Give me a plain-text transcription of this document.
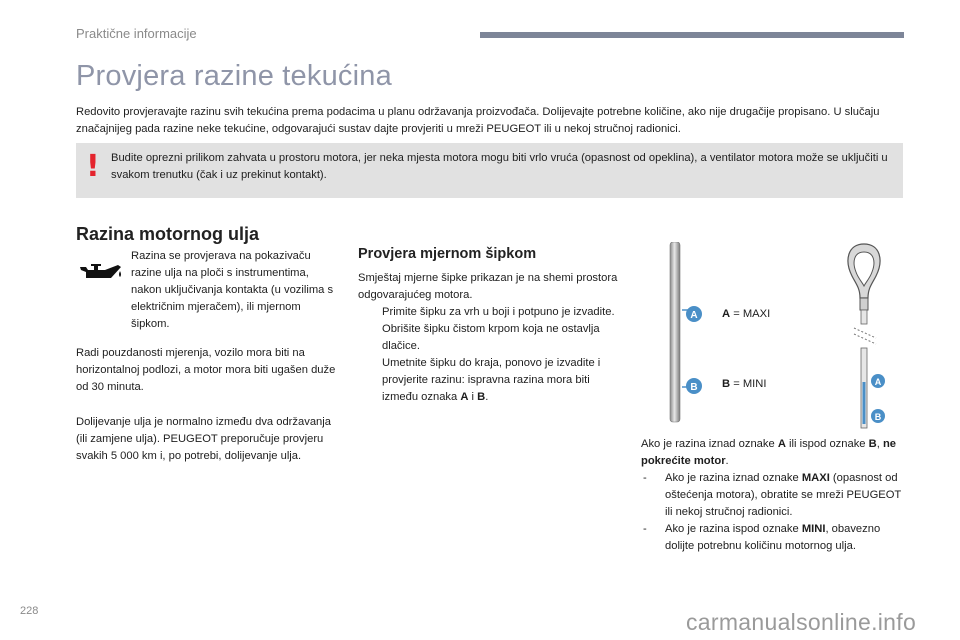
Praktične informacije
Provjera razine tekućina
Redovito provjeravajte razinu svih tekućina prema podacima u planu održavanja proizvođača. Dolijevajte potrebne količine, ako nije drugačije propisano. U slučaju značajnijeg pada razine neke tekućine, odgovarajući sustav dajte provjeriti u mreži PEUGEOT ili u nekoj stručnoj radionici.
! Budite oprezni prilikom zahvata u prostoru motora, jer neka mjesta motora mogu biti vrlo vruća (opasnost od opeklina), a ventilator motora može se uključiti u svakom trenutku (čak i uz prekinut kontakt).
Razina motornog ulja
Razina se provjerava na pokazivaču razine ulja na ploči s instrumentima, nakon uključivanja kontakta (u vozilima s električnim mjeračem), ili mjernom šipkom.
Radi pouzdanosti mjerenja, vozilo mora biti na horizontalnoj podlozi, a motor mora biti ugašen duže od 30 minuta.
Dolijevanje ulja je normalno između dva održavanja (ili zamjene ulja). PEUGEOT preporučuje provjeru svakih 5 000 km i, po potrebi, dolijevanje ulja.
Provjera mjernom šipkom
Smještaj mjerne šipke prikazan je na shemi prostora odgovarajućeg motora.
Primite šipku za vrh u boji i potpuno je izvadite.
Obrišite šipku čistom krpom koja ne ostavlja dlačice.
Umetnite šipku do kraja, ponovo je izvadite i provjerite razinu: ispravna razina mora biti između oznaka A i B.
A
B
A = MAXI
B = MINI	A
B
Ako je razina iznad oznake A ili ispod oznake B, ne pokrećite motor.
- Ako je razina iznad oznake MAXI (opasnost od oštećenja motora), obratite se mreži PEUGEOT ili nekoj stručnoj radionici.
- Ako je razina ispod oznake MINI, obavezno dolijte potrebnu količinu motornog ulja.
228	carmanualsonline.info
